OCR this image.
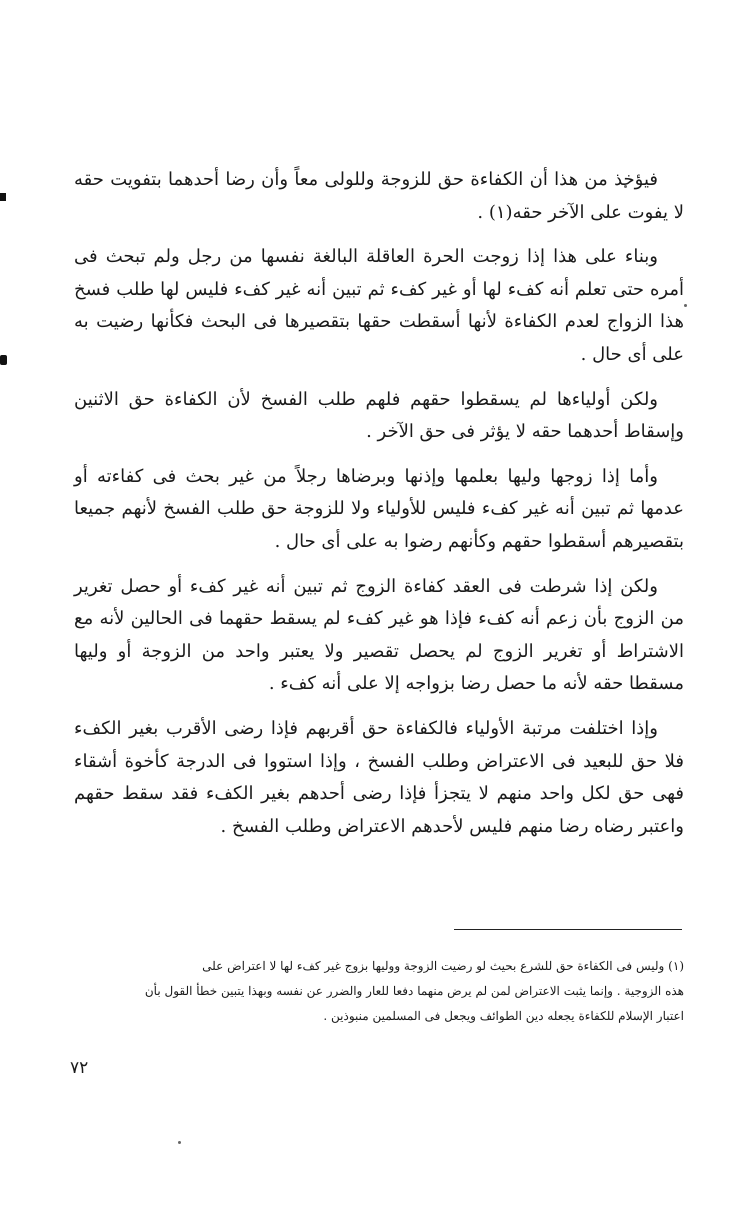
فيؤخذ من هذا أن الكفاءة حق للزوجة وللولى معاً وأن رضا أحدهما بتفويت حقه لا يفوت على الآخر حقه(١) .

وبناء على هذا إذا زوجت الحرة العاقلة البالغة نفسها من رجل ولم تبحث فى أمره حتى تعلم أنه كفء لها أو غير كفء ثم تبين أنه غير كفء فليس لها طلب فسخ هذا الزواج لعدم الكفاءة لأنها أسقطت حقها بتقصيرها فى البحث فكأنها رضيت به على أى حال .

ولكن أولياءها لم يسقطوا حقهم فلهم طلب الفسخ لأن الكفاءة حق الاثنين وإسقاط أحدهما حقه لا يؤثر فى حق الآخر .

وأما إذا زوجها وليها بعلمها وإذنها وبرضاها رجلاً من غير بحث فى كفاءته أو عدمها ثم تبين أنه غير كفء فليس للأولياء ولا للزوجة حق طلب الفسخ لأنهم جميعا بتقصيرهم أسقطوا حقهم وكأنهم رضوا به على أى حال .

ولكن إذا شرطت فى العقد كفاءة الزوج ثم تبين أنه غير كفء أو حصل تغرير من الزوج بأن زعم أنه كفء فإذا هو غير كفء لم يسقط حقهما فى الحالين لأنه مع الاشتراط أو تغرير الزوج لم يحصل تقصير ولا يعتبر واحد من الزوجة أو وليها مسقطا حقه لأنه ما حصل رضا بزواجه إلا على أنه كفء .

وإذا اختلفت مرتبة الأولياء فالكفاءة حق أقربهم فإذا رضى الأقرب بغير الكفء فلا حق للبعيد فى الاعتراض وطلب الفسخ ، وإذا استووا فى الدرجة كأخوة أشقاء فهى حق لكل واحد منهم لا يتجزأ فإذا رضى أحدهم بغير الكفء فقد سقط حقهم واعتبر رضاه رضا منهم فليس لأحدهم الاعتراض وطلب الفسخ .

(١) وليس فى الكفاءة حق للشرع بحيث لو رضيت الزوجة ووليها بزوج غير كفء لها لا اعتراض على

هذه الزوجية . وإنما يثبت الاعتراض لمن لم يرض منهما دفعا للعار والضرر عن نفسه وبهذا يتبين خطأ القول بأن

اعتبار الإسلام للكفاءة يجعله دين الطوائف ويجعل فى المسلمين منبوذين .

٧٢
